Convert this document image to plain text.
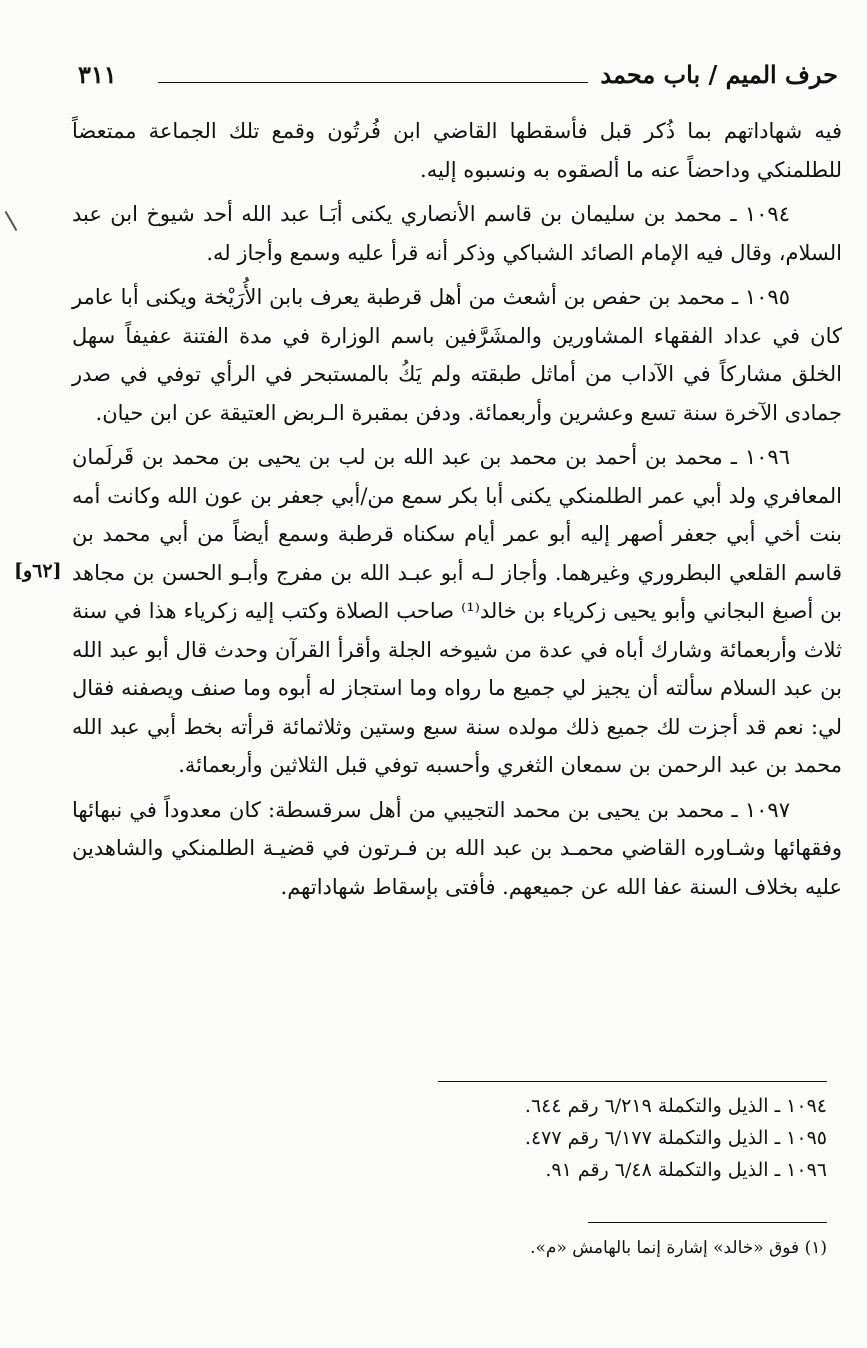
حرف الميم / باب محمد
٣١١

فيه شهاداتهم بما ذُكر قبل فأسقطها القاضي ابن فُرتُون وقمع تلك الجماعة ممتعضاً للطلمنكي وداحضاً عنه ما ألصقوه به ونسبوه إليه.

١٠٩٤ ـ محمد بن سليمان بن قاسم الأنصاري يكنى أبَـا عبد الله أحد شيوخ ابن عبد السلام، وقال فيه الإمام الصائد الشباكي وذكر أنه قرأ عليه وسمع وأجاز له.

١٠٩٥ ـ محمد بن حفص بن أشعث من أهل قرطبة يعرف بابن الأُرَيْخة ويكنى أبا عامر كان في عداد الفقهاء المشاورين والمشَرَّفين باسم الوزارة في مدة الفتنة عفيفاً سهل الخلق مشاركاً في الآداب من أماثل طبقته ولم يَكُ بالمستبحر في الرأي توفي في صدر جمادى الآخرة سنة تسع وعشرين وأربعمائة. ودفن بمقبرة الـربض العتيقة عن ابن حيان.

١٠٩٦ ـ محمد بن أحمد بن محمد بن عبد الله بن لب بن يحيى بن محمد بن قَرلَمان المعافري ولد أبي عمر الطلمنكي يكنى أبا بكر سمع من/أبي جعفر بن عون الله وكانت أمه بنت أخي أبي جعفر أصهر إليه أبو عمر أيام سكناه قرطبة وسمع أيضاً من أبي محمد بن قاسم القلعي البطروري وغيرهما. وأجاز لـه أبو عبـد الله بن مفرج وأبـو الحسن بن مجاهد بن أصبغ البجاني وأبو يحيى زكرياء بن خالد⁽¹⁾ صاحب الصلاة وكتب إليه زكرياء هذا في سنة ثلاث وأربعمائة وشارك أباه في عدة من شيوخه الجلة وأقرأ القرآن وحدث قال أبو عبد الله بن عبد السلام سألته أن يجيز لي جميع ما رواه وما استجاز له أبوه وما صنف ويصفنه فقال لي: نعم قد أجزت لك جميع ذلك مولده سنة سبع وستين وثلاثمائة قرأته بخط أبي عبد الله محمد بن عبد الرحمن بن سمعان الثغري وأحسبه توفي قبل الثلاثين وأربعمائة.

١٠٩٧ ـ محمد بن يحيى بن محمد التجيبي من أهل سرقسطة: كان معدوداً في نبهائها وفقهائها وشـاوره القاضي محمـد بن عبد الله بن فـرتون في قضيـة الطلمنكي والشاهدين عليه بخلاف السنة عفا الله عن جميعهم. فأفتى بإسقاط شهاداتهم.

[٦٢و]
١٠٩٤ ـ الذيل والتكملة ٦/٢١٩ رقم ٦٤٤.
١٠٩٥ ـ الذيل والتكملة ٦/١٧٧ رقم ٤٧٧.
١٠٩٦ ـ الذيل والتكملة ٦/٤٨ رقم ٩١.
(١) فوق «خالد» إشارة إنما بالهامش «م».
